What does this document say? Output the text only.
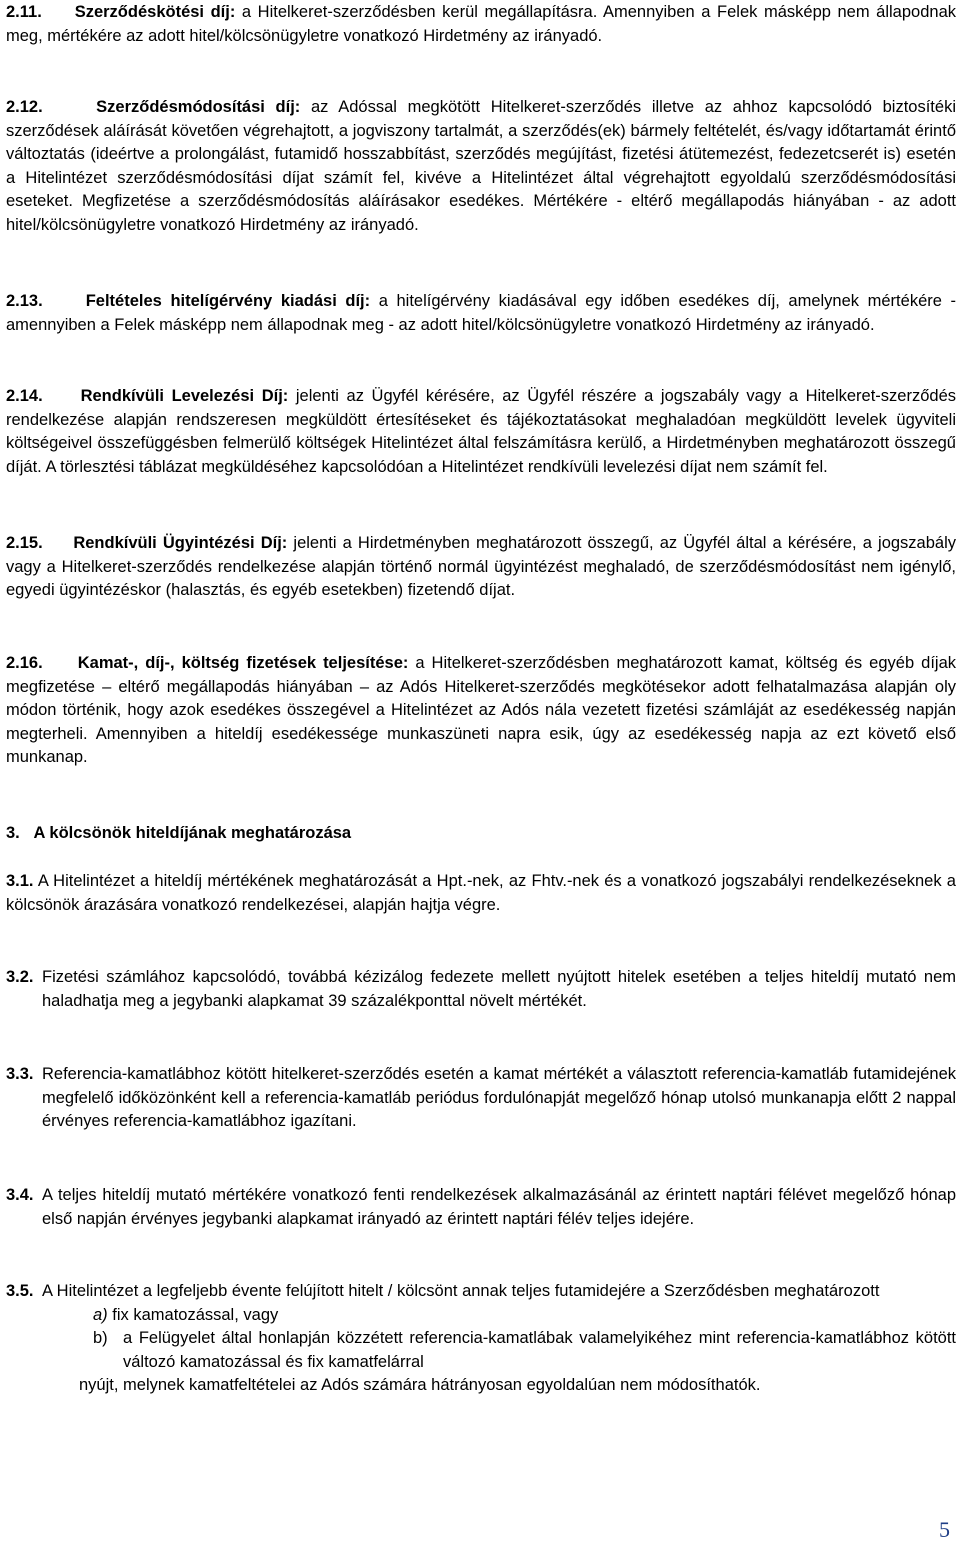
2.11. Szerződéskötési díj: a Hitelkeret-szerződésben kerül megállapításra. Amennyiben a Felek másképp nem állapodnak meg, mértékére az adott hitel/kölcsönügyletre vonatkozó Hirdetmény az irányadó.

2.12.	Szerződésmódosítási díj: az Adóssal megkötött Hitelkeret-szerződés illetve az ahhoz kapcsolódó biztosítéki szerződések aláírását követően végrehajtott, a jogviszony tartalmát, a szerződés(ek) bármely feltételét, és/vagy időtartamát érintő változtatás (ideértve a prolongálást, futamidő hosszabbítást, szerződés megújítást, fizetési átütemezést, fedezetcserét is) esetén a Hitelintézet szerződésmódosítási díjat számít fel, kivéve a Hitelintézet által végrehajtott egyoldalú szerződésmódosítási eseteket. Megfizetése a szerződésmódosítás aláírásakor esedékes. Mértékére - eltérő megállapodás hiányában - az adott hitel/kölcsönügyletre vonatkozó Hirdetmény az irányadó.

2.13.	Feltételes hitelígérvény kiadási díj: a hitelígérvény kiadásával egy időben esedékes díj, amelynek mértékére - amennyiben a Felek másképp nem állapodnak meg - az adott hitel/kölcsönügyletre vonatkozó Hirdetmény az irányadó.

2.14. Rendkívüli Levelezési Díj: jelenti az Ügyfél kérésére, az Ügyfél részére a jogszabály vagy a Hitelkeret-szerződés rendelkezése alapján rendszeresen megküldött értesítéseket és tájékoztatásokat meghaladóan megküldött levelek ügyviteli költségeivel összefüggésben felmerülő költségek Hitelintézet által felszámításra kerülő, a Hirdetményben meghatározott összegű díját. A törlesztési táblázat megküldéséhez kapcsolódóan a Hitelintézet rendkívüli levelezési díjat nem számít fel.

2.15. Rendkívüli Ügyintézési Díj: jelenti a Hirdetményben meghatározott összegű, az Ügyfél által a kérésére, a jogszabály vagy a Hitelkeret-szerződés rendelkezése alapján történő normál ügyintézést meghaladó, de szerződésmódosítást nem igénylő, egyedi ügyintézéskor (halasztás, és egyéb esetekben) fizetendő díjat.

2.16. Kamat-, díj-, költség fizetések teljesítése: a Hitelkeret-szerződésben meghatározott kamat, költség és egyéb díjak megfizetése – eltérő megállapodás hiányában – az Adós Hitelkeret-szerződés megkötésekor adott felhatalmazása alapján oly módon történik, hogy azok esedékes összegével a Hitelintézet az Adós nála vezetett fizetési számláját az esedékesség napján megterheli. Amennyiben a hiteldíj esedékessége munkaszüneti napra esik, úgy az esedékesség napja az ezt követő első munkanap.

3. A kölcsönök hiteldíjának meghatározása

3.1. A Hitelintézet a hiteldíj mértékének meghatározását a Hpt.-nek, az Fhtv.-nek és a vonatkozó jogszabályi rendelkezéseknek a kölcsönök árazására vonatkozó rendelkezései, alapján hajtja végre.

3.2. Fizetési számlához kapcsolódó, továbbá kézizálog fedezete mellett nyújtott hitelek esetében a teljes hiteldíj mutató nem haladhatja meg a jegybanki alapkamat 39 százalékponttal növelt mértékét.
3.3. Referencia-kamatlábhoz kötött hitelkeret-szerződés esetén a kamat mértékét a választott referencia-kamatláb futamidejének megfelelő időközönként kell a referencia-kamatláb periódus fordulónapját megelőző hónap utolsó munkanapja előtt 2 nappal érvényes referencia-kamatlábhoz igazítani.
3.4. A teljes hiteldíj mutató mértékére vonatkozó fenti rendelkezések alkalmazásánál az érintett naptári félévet megelőző hónap első napján érvényes jegybanki alapkamat irányadó az érintett naptári félév teljes idejére.
3.5. A Hitelintézet a legfeljebb évente felújított hitelt / kölcsönt annak teljes futamidejére a Szerződésben meghatározott
a) fix kamatozással, vagy
b) a Felügyelet által honlapján közzétett referencia-kamatlábak valamelyikéhez mint referencia-kamatlábhoz kötött változó kamatozással és fix kamatfelárral
nyújt, melynek kamatfeltételei az Adós számára hátrányosan egyoldalúan nem módosíthatók.
5
